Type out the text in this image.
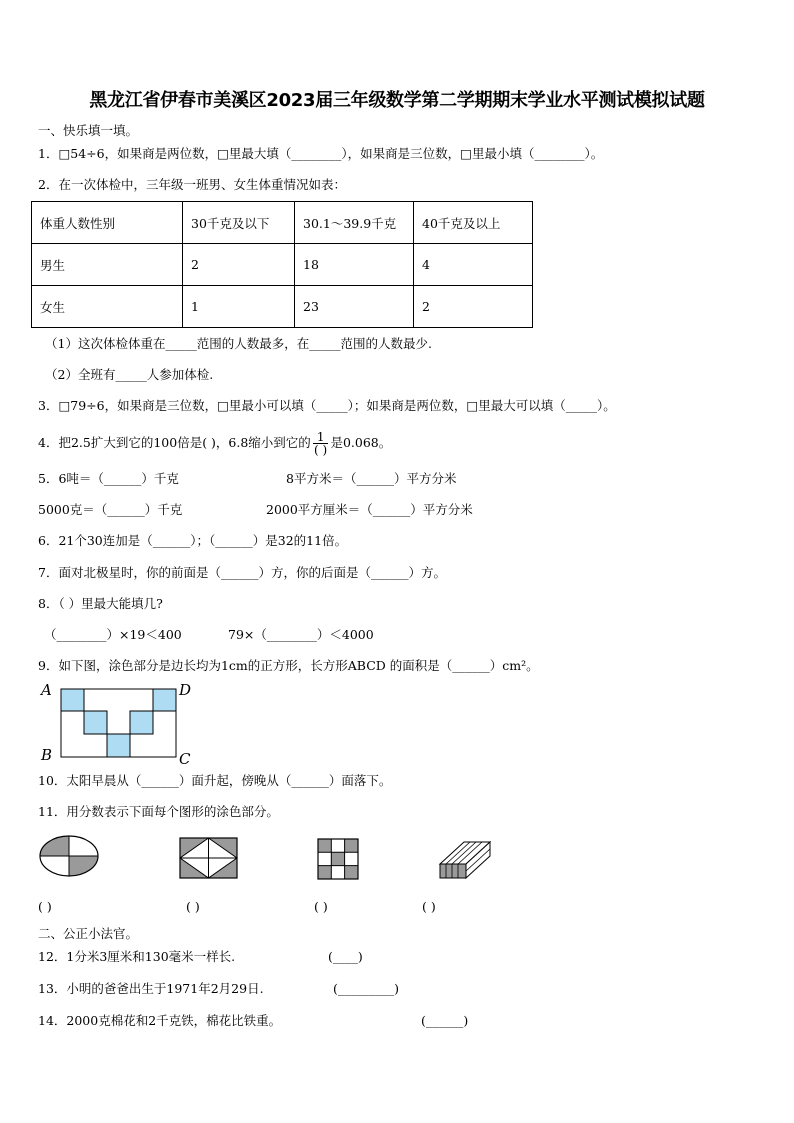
黑龙江省伊春市美溪区2023届三年级数学第二学期期末学业水平测试模拟试题
一、快乐填一填。
1．□54÷6，如果商是两位数，□里最大填（________），如果商是三位数，□里最小填（________）。
2．在一次体检中，三年级一班男、女生体重情况如表：
体重人数性别	30千克及以下	30.1～39.9千克	40千克及以上
男生	2	18	4
女生	1	23	2
（1）这次体检体重在_____范围的人数最多，在_____范围的人数最少.
（2）全班有_____人参加体检.
3．□79÷6，如果商是三位数，□里最小可以填（_____）；如果商是两位数，□里最大可以填（_____）。
4．把2.5扩大到它的100倍是( )，6.8缩小到它的 $\frac{1}{( )}$ 是0.068。
5．6吨＝（______）千克	8平方米＝（______）平方分米
5000克＝（______）千克	2000平方厘米＝（______）平方分米
6．21个30连加是（______）；（______）是32的11倍。
7．面对北极星时，你的前面是（______）方，你的后面是（______）方。
8．（ ）里最大能填几?
（________）×19＜400	79×（________）＜4000
9．如下图，涂色部分是边长均为1cm的正方形，长方形ABCD 的面积是（______）cm²。
A	D
B	C
10．太阳早晨从（______）面升起，傍晚从（______）面落下。
11．用分数表示下面每个图形的涂色部分。
( )	( )	( )	( )
二、公正小法官。
12．1分米3厘米和130毫米一样长.	(____)
13．小明的爸爸出生于1971年2月29日.	(_________)
14．2000克棉花和2千克铁，棉花比铁重。	(______)
